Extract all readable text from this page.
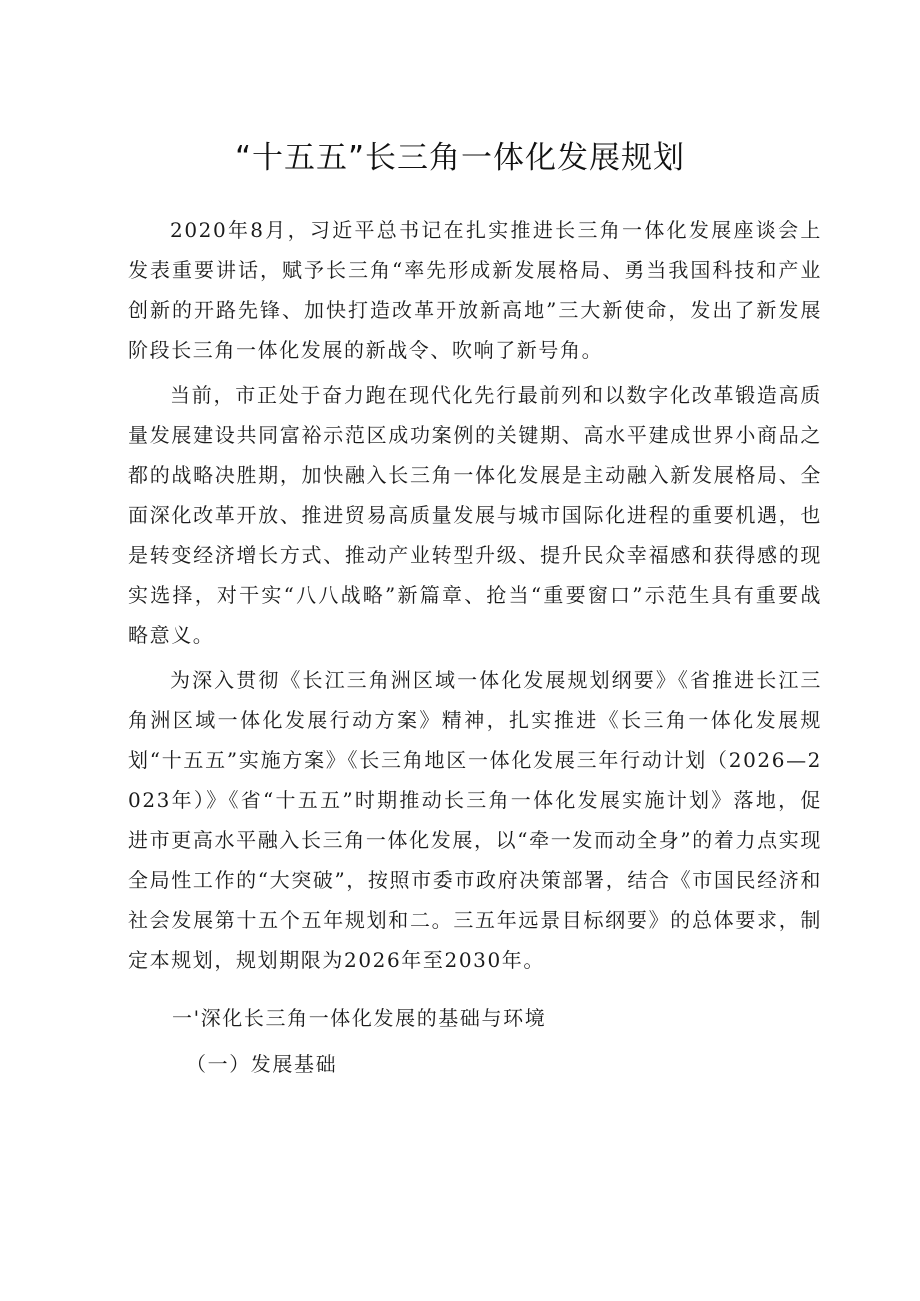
“十五五”长三角一体化发展规划

2020年8月，习近平总书记在扎实推进长三角一体化发展座谈会上发表重要讲话，赋予长三角“率先形成新发展格局、勇当我国科技和产业创新的开路先锋、加快打造改革开放新高地”三大新使命，发出了新发展阶段长三角一体化发展的新战令、吹响了新号角。

当前，市正处于奋力跑在现代化先行最前列和以数字化改革锻造高质量发展建设共同富裕示范区成功案例的关键期、高水平建成世界小商品之都的战略决胜期，加快融入长三角一体化发展是主动融入新发展格局、全面深化改革开放、推进贸易高质量发展与城市国际化进程的重要机遇，也是转变经济增长方式、推动产业转型升级、提升民众幸福感和获得感的现实选择，对干实“八八战略”新篇章、抢当“重要窗口”示范生具有重要战略意义。

为深入贯彻《长江三角洲区域一体化发展规划纲要》《省推进长江三角洲区域一体化发展行动方案》精神，扎实推进《长三角一体化发展规划“十五五”实施方案》《长三角地区一体化发展三年行动计划（2026—2023年）》《省“十五五”时期推动长三角一体化发展实施计划》落地，促进市更高水平融入长三角一体化发展，以“牵一发而动全身”的着力点实现全局性工作的“大突破”，按照市委市政府决策部署，结合《市国民经济和社会发展第十五个五年规划和二。三五年远景目标纲要》的总体要求，制定本规划，规划期限为2026年至2030年。

一'深化长三角一体化发展的基础与环境

（一）发展基础
